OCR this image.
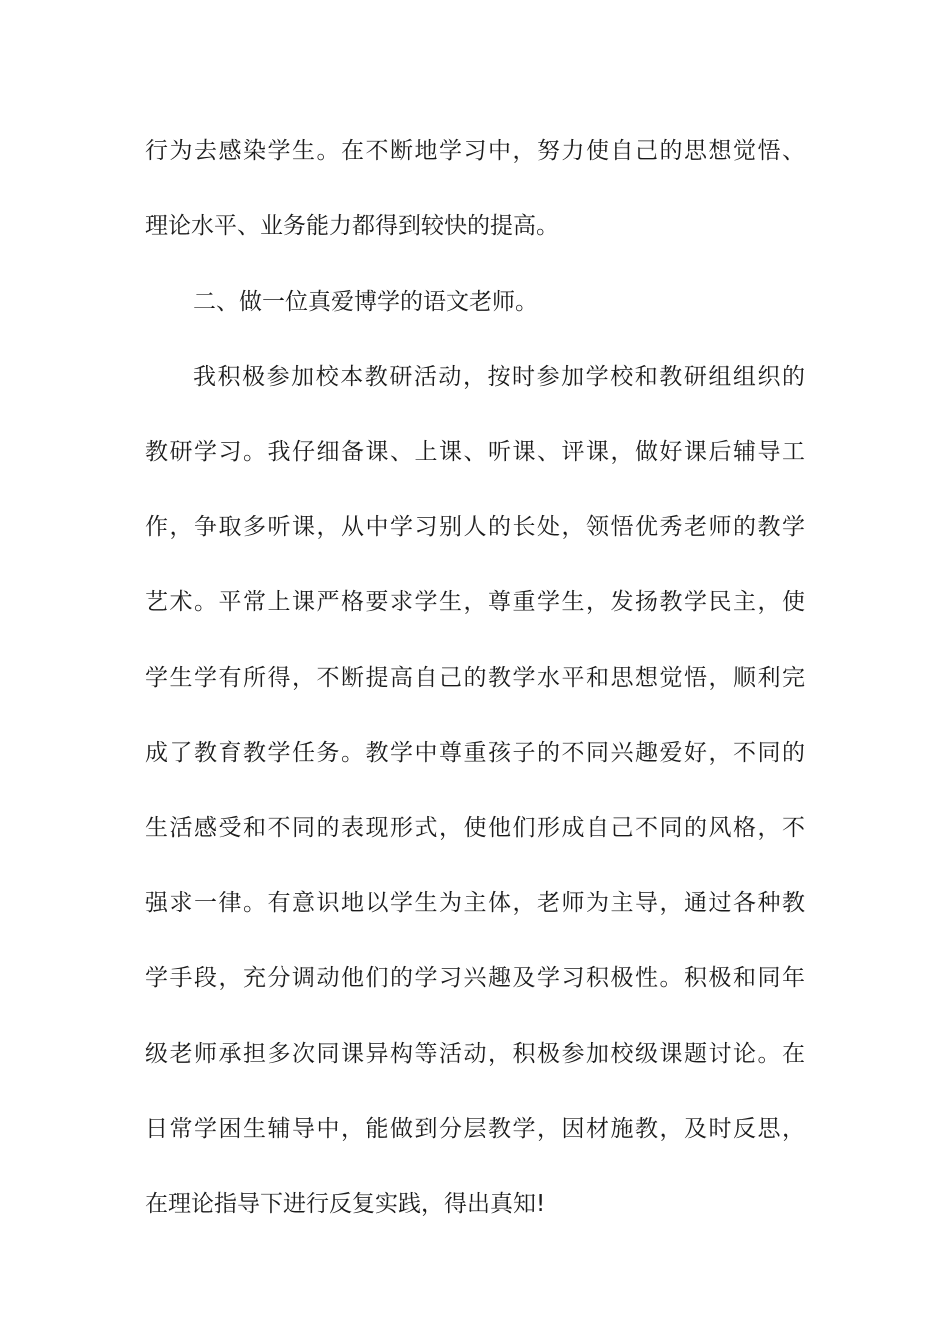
行为去感染学生。在不断地学习中，努力使自己的思想觉悟、
理论水平、业务能力都得到较快的提高。
二、做一位真爱博学的语文老师。
我积极参加校本教研活动，按时参加学校和教研组组织的
教研学习。我仔细备课、上课、听课、评课，做好课后辅导工
作，争取多听课，从中学习别人的长处，领悟优秀老师的教学
艺术。平常上课严格要求学生，尊重学生，发扬教学民主，使
学生学有所得，不断提高自己的教学水平和思想觉悟，顺利完
成了教育教学任务。教学中尊重孩子的不同兴趣爱好，不同的
生活感受和不同的表现形式，使他们形成自己不同的风格，不
强求一律。有意识地以学生为主体，老师为主导，通过各种教
学手段，充分调动他们的学习兴趣及学习积极性。积极和同年
级老师承担多次同课异构等活动，积极参加校级课题讨论。在
日常学困生辅导中，能做到分层教学，因材施教，及时反思，
在理论指导下进行反复实践，得出真知!
